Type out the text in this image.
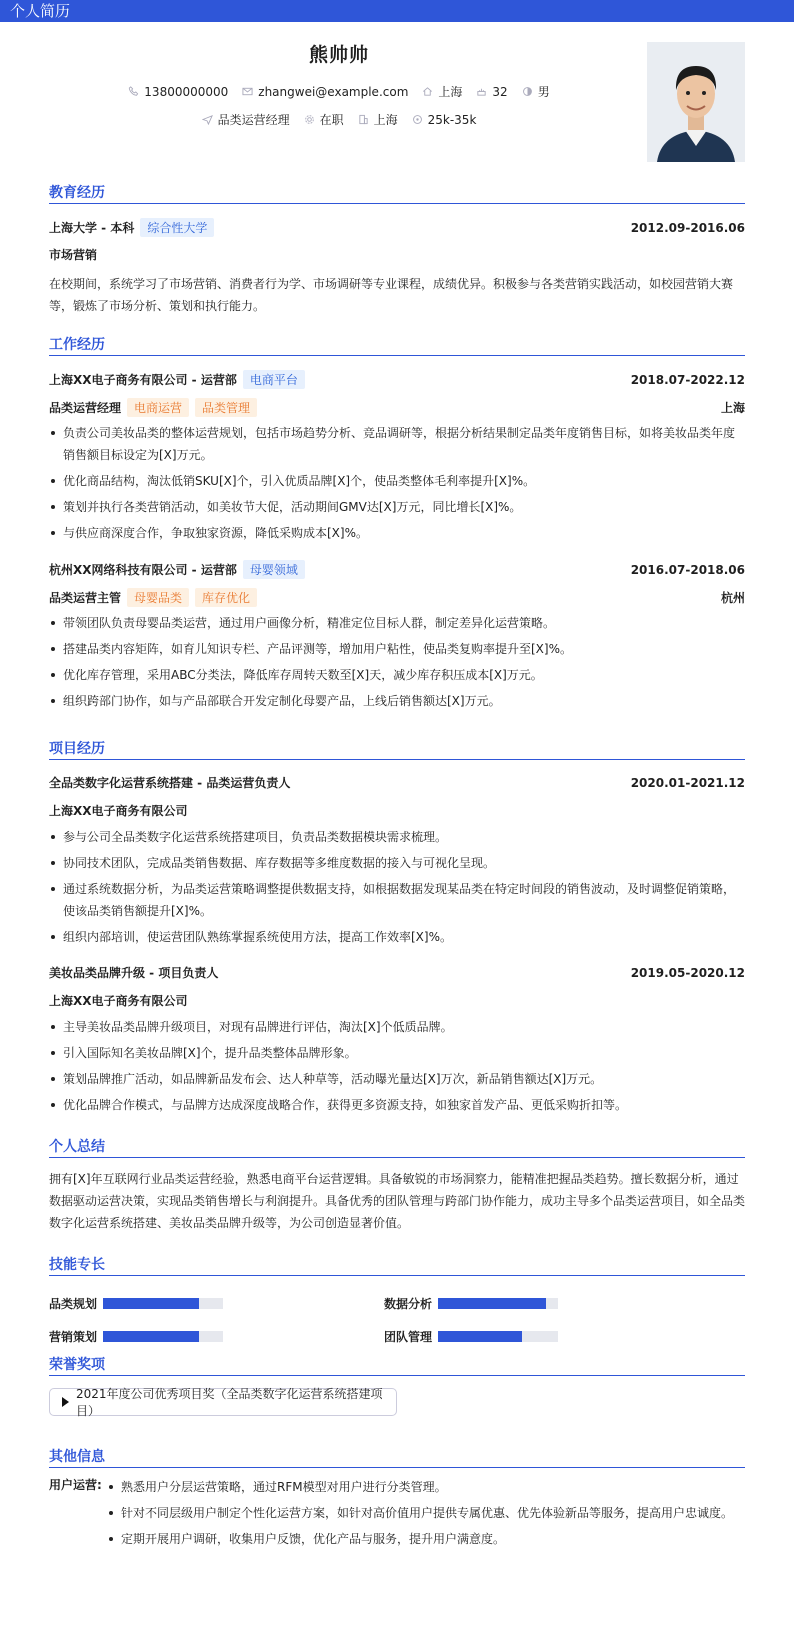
个人简历
熊帅帅
13800000000	zhangwei@example.com	上海	32	男
品类运营经理	在职	上海	25k-35k
教育经历
上海大学 - 本科	综合性大学	2012.09-2016.06
市场营销
在校期间，系统学习了市场营销、消费者行为学、市场调研等专业课程，成绩优异。积极参与各类营销实践活动，如校园营销大赛等，锻炼了市场分析、策划和执行能力。
工作经历
上海XX电子商务有限公司 - 运营部	电商平台	2018.07-2022.12
品类运营经理	电商运营	品类管理	上海
负责公司美妆品类的整体运营规划，包括市场趋势分析、竞品调研等，根据分析结果制定品类年度销售目标，如将美妆品类年度销售额目标设定为[X]万元。
优化商品结构，淘汰低销SKU[X]个，引入优质品牌[X]个，使品类整体毛利率提升[X]%。
策划并执行各类营销活动，如美妆节大促，活动期间GMV达[X]万元，同比增长[X]%。
与供应商深度合作，争取独家资源，降低采购成本[X]%。
杭州XX网络科技有限公司 - 运营部	母婴领域	2016.07-2018.06
品类运营主管	母婴品类	库存优化	杭州
带领团队负责母婴品类运营，通过用户画像分析，精准定位目标人群，制定差异化运营策略。
搭建品类内容矩阵，如育儿知识专栏、产品评测等，增加用户粘性，使品类复购率提升至[X]%。
优化库存管理，采用ABC分类法，降低库存周转天数至[X]天，减少库存积压成本[X]万元。
组织跨部门协作，如与产品部联合开发定制化母婴产品，上线后销售额达[X]万元。
项目经历
全品类数字化运营系统搭建 - 品类运营负责人	2020.01-2021.12
上海XX电子商务有限公司
参与公司全品类数字化运营系统搭建项目，负责品类数据模块需求梳理。
协同技术团队，完成品类销售数据、库存数据等多维度数据的接入与可视化呈现。
通过系统数据分析，为品类运营策略调整提供数据支持，如根据数据发现某品类在特定时间段的销售波动，及时调整促销策略，使该品类销售额提升[X]%。
组织内部培训，使运营团队熟练掌握系统使用方法，提高工作效率[X]%。
美妆品类品牌升级 - 项目负责人	2019.05-2020.12
上海XX电子商务有限公司
主导美妆品类品牌升级项目，对现有品牌进行评估，淘汰[X]个低质品牌。
引入国际知名美妆品牌[X]个，提升品类整体品牌形象。
策划品牌推广活动，如品牌新品发布会、达人种草等，活动曝光量达[X]万次，新品销售额达[X]万元。
优化品牌合作模式，与品牌方达成深度战略合作，获得更多资源支持，如独家首发产品、更低采购折扣等。
个人总结
拥有[X]年互联网行业品类运营经验，熟悉电商平台运营逻辑。具备敏锐的市场洞察力，能精准把握品类趋势。擅长数据分析，通过数据驱动运营决策，实现品类销售增长与利润提升。具备优秀的团队管理与跨部门协作能力，成功主导多个品类运营项目，如全品类数字化运营系统搭建、美妆品类品牌升级等，为公司创造显著价值。
技能专长
品类规划	数据分析
营销策划	团队管理
荣誉奖项
2021年度公司优秀项目奖（全品类数字化运营系统搭建项目）
其他信息
用户运营:	熟悉用户分层运营策略，通过RFM模型对用户进行分类管理。
针对不同层级用户制定个性化运营方案，如针对高价值用户提供专属优惠、优先体验新品等服务，提高用户忠诚度。
定期开展用户调研，收集用户反馈，优化产品与服务，提升用户满意度。
